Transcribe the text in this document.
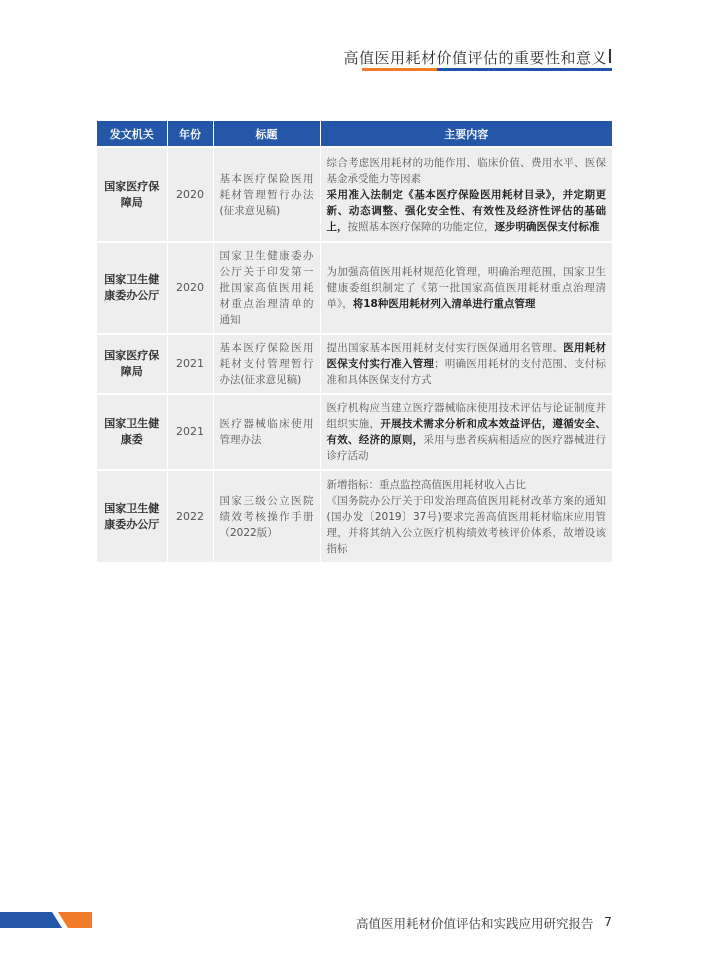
高值医用耗材价值评估的重要性和意义
发文机关	年份	标题	主要内容
国家医疗保障局	2020	基本医疗保险医用耗材管理暂行办法(征求意见稿)	综合考虑医用耗材的功能作用、临床价值、费用水平、医保基金承受能力等因素
采用准入法制定《基本医疗保险医用耗材目录》，并定期更新、动态调整、强化安全性、有效性及经济性评估的基础上，按照基本医疗保障的功能定位，逐步明确医保支付标准
国家卫生健康委办公厅	2020	国家卫生健康委办公厅关于印发第一批国家高值医用耗材重点治理清单的通知	为加强高值医用耗材规范化管理，明确治理范围，国家卫生健康委组织制定了《第一批国家高值医用耗材重点治理清单》，将18种医用耗材列入清单进行重点管理
国家医疗保障局	2021	基本医疗保险医用耗材支付管理暂行办法(征求意见稿)	提出国家基本医用耗材支付实行医保通用名管理、医用耗材医保支付实行准入管理；明确医用耗材的支付范围、支付标准和具体医保支付方式
国家卫生健康委	2021	医疗器械临床使用管理办法	医疗机构应当建立医疗器械临床使用技术评估与论证制度并组织实施，开展技术需求分析和成本效益评估，遵循安全、有效、经济的原则，采用与患者疾病相适应的医疗器械进行诊疗活动
国家卫生健康委办公厅	2022	国家三级公立医院绩效考核操作手册（2022版）	新增指标：重点监控高值医用耗材收入占比
《国务院办公厅关于印发治理高值医用耗材改革方案的通知(国办发〔2019〕37号)要求完善高值医用耗材临床应用管理，并将其纳入公立医疗机构绩效考核评价体系，故增设该指标
高值医用耗材价值评估和实践应用研究报告 7
